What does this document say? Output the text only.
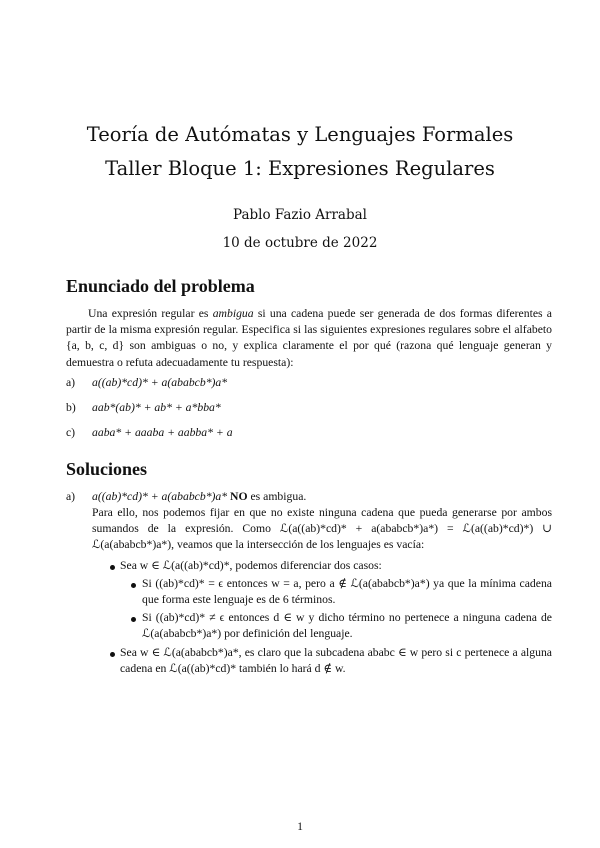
Teoría de Autómatas y Lenguajes Formales
Taller Bloque 1: Expresiones Regulares
Pablo Fazio Arrabal
10 de octubre de 2022
Enunciado del problema
Una expresión regular es ambigua si una cadena puede ser generada de dos formas diferentes a partir de la misma expresión regular. Especifica si las siguientes expresiones regulares sobre el alfabeto {a, b, c, d} son ambiguas o no, y explica claramente el por qué (razona qué lenguaje generan y demuestra o refuta adecuadamente tu respuesta):
a) a((ab)*cd)* + a(ababcb*)a*
b) aab*(ab)* + ab* + a*bba*
c) aaba* + aaaba + aabba* + a
Soluciones
a) a((ab)*cd)* + a(ababcb*)a* NO es ambigua.
Para ello, nos podemos fijar en que no existe ninguna cadena que pueda generarse por ambos sumandos de la expresión. Como ℒ(a((ab)*cd)* + a(ababcb*)a*) = ℒ(a((ab)*cd)*) ∪ ℒ(a(ababcb*)a*), veamos que la intersección de los lenguajes es vacía:
Sea w ∈ ℒ(a((ab)*cd)*, podemos diferenciar dos casos:
Si ((ab)*cd)* = ϵ entonces w = a, pero a ∉ ℒ(a(ababcb*)a*) ya que la mínima cadena que forma este lenguaje es de 6 términos.
Si ((ab)*cd)* ≠ ϵ entonces d ∈ w y dicho término no pertenece a ninguna cadena de ℒ(a(ababcb*)a*) por definición del lenguaje.
Sea w ∈ ℒ(a(ababcb*)a*, es claro que la subcadena ababc ∈ w pero si c pertenece a alguna cadena en ℒ(a((ab)*cd)* también lo hará d ∉ w.
1
